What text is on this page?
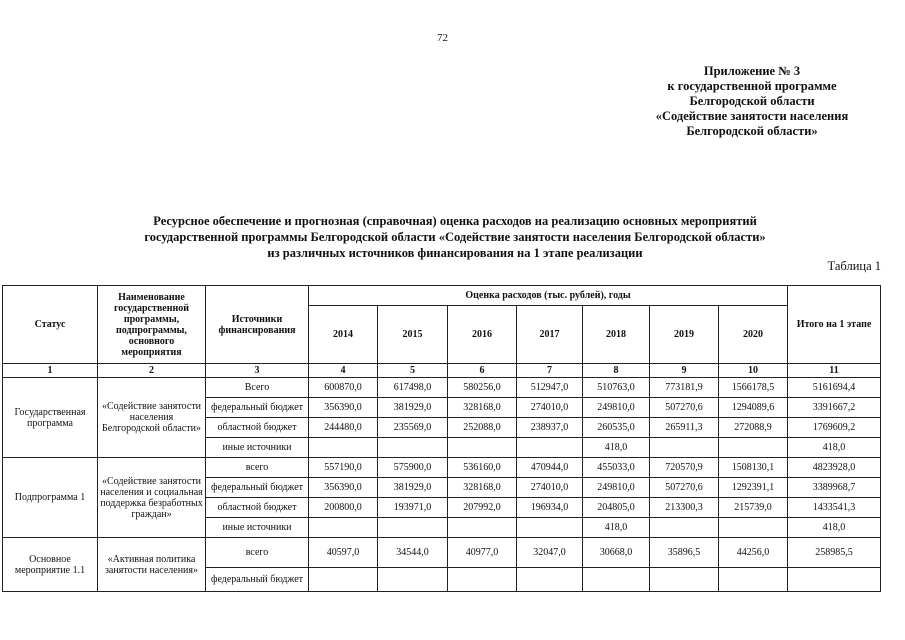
72
Приложение № 3
к государственной программе
Белгородской области
«Содействие занятости населения
Белгородской области»
Ресурсное обеспечение и прогнозная (справочная) оценка расходов на реализацию основных мероприятий
государственной программы Белгородской области «Содействие занятости населения Белгородской области»
из различных источников финансирования на 1 этапе реализации
Таблица 1
Статус	Наименование государственной программы, подпрограммы, основного мероприятия	Источники финансирования	Оценка расходов (тыс. рублей), годы							Итого на 1 этапе
			2014	2015	2016	2017	2018	2019	2020	
1	2	3	4	5	6	7	8	9	10	11
Государственная программа	«Содействие занятости населения Белгородской области»	Всего	600870,0	617498,0	580256,0	512947,0	510763,0	773181,9	1566178,5	5161694,4
		федеральный бюджет	356390,0	381929,0	328168,0	274010,0	249810,0	507270,6	1294089,6	3391667,2
		областной бюджет	244480,0	235569,0	252088,0	238937,0	260535,0	265911,3	272088,9	1769609,2
		иные источники					418,0			418,0
Подпрограмма 1	«Содействие занятости населения и социальная поддержка безработных граждан»	всего	557190,0	575900,0	536160,0	470944,0	455033,0	720570,9	1508130,1	4823928,0
		федеральный бюджет	356390,0	381929,0	328168,0	274010,0	249810,0	507270,6	1292391,1	3389968,7
		областной бюджет	200800,0	193971,0	207992,0	196934,0	204805,0	213300,3	215739,0	1433541,3
		иные источники					418,0			418,0
Основное мероприятие 1.1	«Активная политика занятости населения»	всего	40597,0	34544,0	40977,0	32047,0	30668,0	35896,5	44256,0	258985,5
		федеральный бюджет								
